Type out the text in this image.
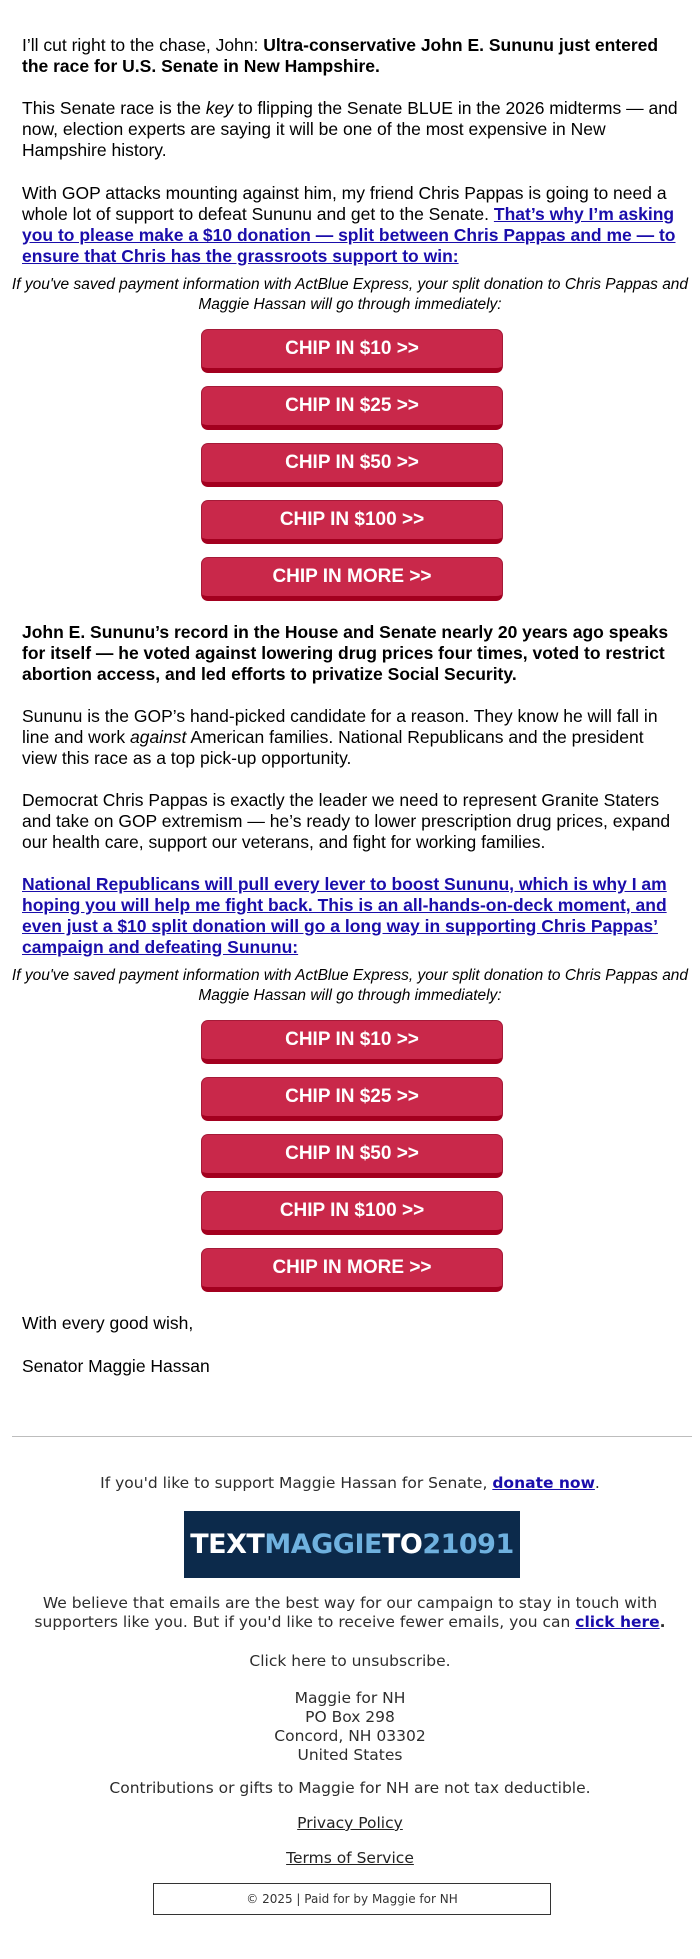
I’ll cut right to the chase, John: Ultra-conservative John E. Sununu just entered the race for U.S. Senate in New Hampshire.

This Senate race is the key to flipping the Senate BLUE in the 2026 midterms — and now, election experts are saying it will be one of the most expensive in New Hampshire history.

With GOP attacks mounting against him, my friend Chris Pappas is going to need a whole lot of support to defeat Sununu and get to the Senate. That’s why I’m asking you to please make a $10 donation — split between Chris Pappas and me — to ensure that Chris has the grassroots support to win:

If you've saved payment information with ActBlue Express, your split donation to Chris Pappas and Maggie Hassan will go through immediately:
CHIP IN $10 >>
CHIP IN $25 >>
CHIP IN $50 >>
CHIP IN $100 >>
CHIP IN MORE >>
John E. Sununu’s record in the House and Senate nearly 20 years ago speaks for itself — he voted against lowering drug prices four times, voted to restrict abortion access, and led efforts to privatize Social Security.

Sununu is the GOP’s hand-picked candidate for a reason. They know he will fall in line and work against American families. National Republicans and the president view this race as a top pick-up opportunity.

Democrat Chris Pappas is exactly the leader we need to represent Granite Staters and take on GOP extremism — he’s ready to lower prescription drug prices, expand our health care, support our veterans, and fight for working families.
National Republicans will pull every lever to boost Sununu, which is why I am hoping you will help me fight back. This is an all-hands-on-deck moment, and even just a $10 split donation will go a long way in supporting Chris Pappas’ campaign and defeating Sununu:
If you've saved payment information with ActBlue Express, your split donation to Chris Pappas and Maggie Hassan will go through immediately:
CHIP IN $10 >>
CHIP IN $25 >>
CHIP IN $50 >>
CHIP IN $100 >>
CHIP IN MORE >>
With every good wish,
Senator Maggie Hassan
If you'd like to support Maggie Hassan for Senate, donate now.
TEXT MAGGIE TO 21091
We believe that emails are the best way for our campaign to stay in touch with supporters like you. But if you'd like to receive fewer emails, you can click here.
Click here to unsubscribe.
Maggie for NH
PO Box 298
Concord, NH 03302
United States
Contributions or gifts to Maggie for NH are not tax deductible.
Privacy Policy
Terms of Service
© 2025 | Paid for by Maggie for NH
